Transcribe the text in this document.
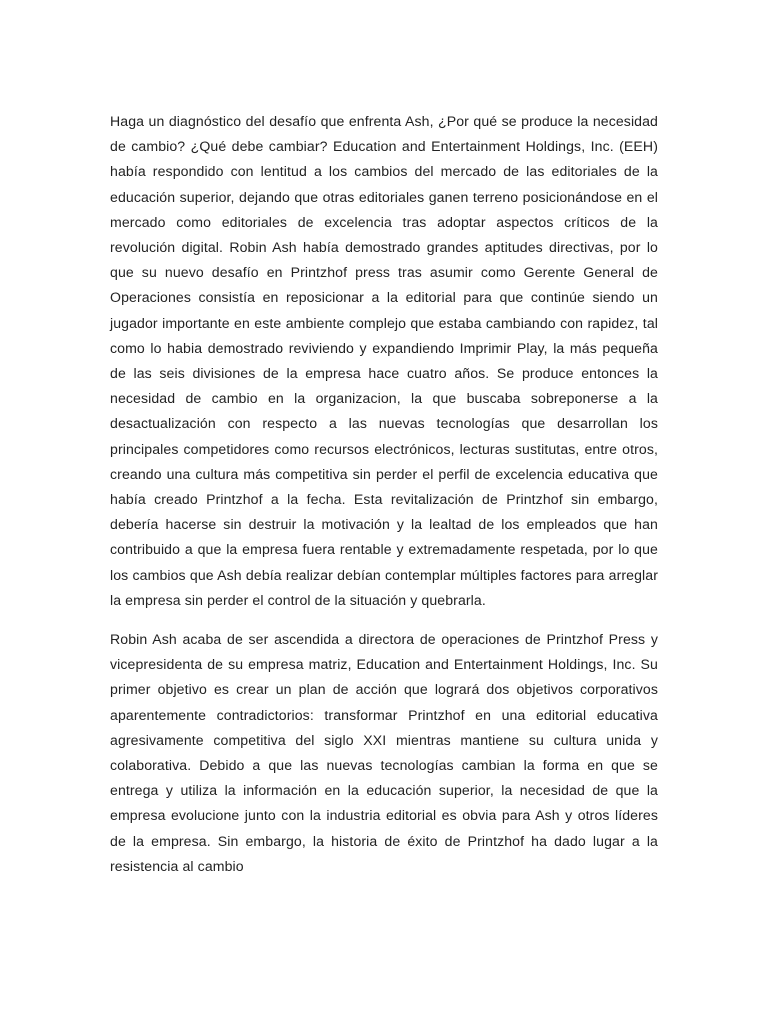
Haga un diagnóstico del desafío que enfrenta Ash, ¿Por qué se produce la necesidad de cambio? ¿Qué debe cambiar? Education and Entertainment Holdings, Inc. (EEH) había respondido con lentitud a los cambios del mercado de las editoriales de la educación superior, dejando que otras editoriales ganen terreno posicionándose en el mercado como editoriales de excelencia tras adoptar aspectos críticos de la revolución digital. Robin Ash había demostrado grandes aptitudes directivas, por lo que su nuevo desafío en Printzhof press tras asumir como Gerente General de Operaciones consistía en reposicionar a la editorial para que continúe siendo un jugador importante en este ambiente complejo que estaba cambiando con rapidez, tal como lo habia demostrado reviviendo y expandiendo Imprimir Play, la más pequeña de las seis divisiones de la empresa hace cuatro años. Se produce entonces la necesidad de cambio en la organizacion, la que buscaba sobreponerse a la desactualización con respecto a las nuevas tecnologías que desarrollan los principales competidores como recursos electrónicos, lecturas sustitutas, entre otros, creando una cultura más competitiva sin perder el perfil de excelencia educativa que había creado Printzhof a la fecha. Esta revitalización de Printzhof sin embargo, debería hacerse sin destruir la motivación y la lealtad de los empleados que han contribuido a que la empresa fuera rentable y extremadamente respetada, por lo que los cambios que Ash debía realizar debían contemplar múltiples factores para arreglar la empresa sin perder el control de la situación y quebrarla.

Robin Ash acaba de ser ascendida a directora de operaciones de Printzhof Press y vicepresidenta de su empresa matriz, Education and Entertainment Holdings, Inc. Su primer objetivo es crear un plan de acción que logrará dos objetivos corporativos aparentemente contradictorios: transformar Printzhof en una editorial educativa agresivamente competitiva del siglo XXI mientras mantiene su cultura unida y colaborativa. Debido a que las nuevas tecnologías cambian la forma en que se entrega y utiliza la información en la educación superior, la necesidad de que la empresa evolucione junto con la industria editorial es obvia para Ash y otros líderes de la empresa. Sin embargo, la historia de éxito de Printzhof ha dado lugar a la resistencia al cambio
